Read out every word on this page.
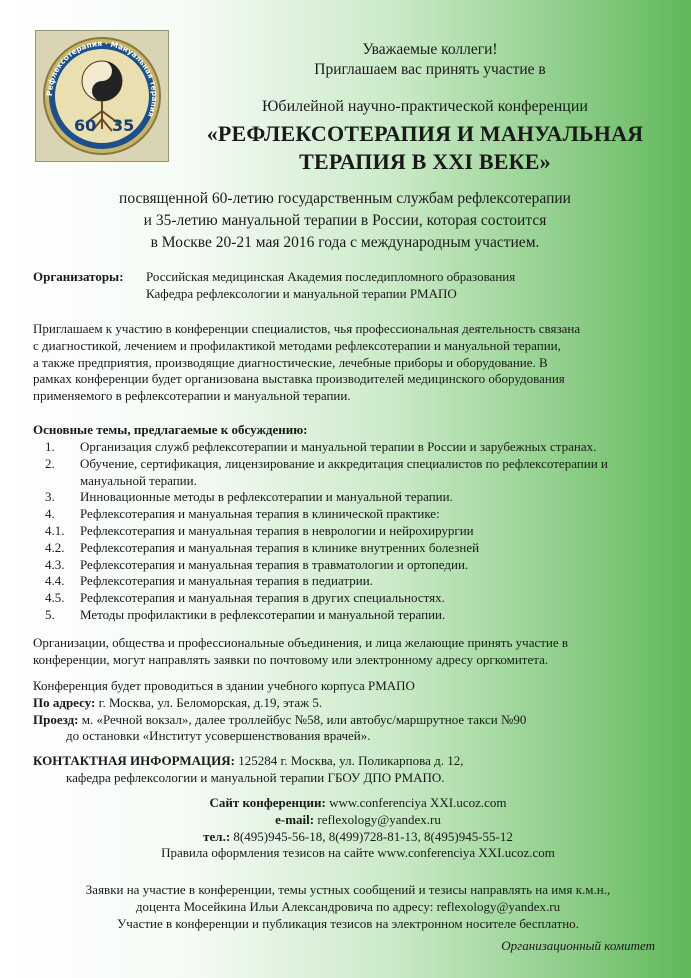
Рефлексотерапия · Мануальная терапия
60 35
Уважаемые коллеги!
Приглашаем вас принять участие в
Юбилейной научно-практической конференции
«РЕФЛЕКСОТЕРАПИЯ И МАНУАЛЬНАЯ
ТЕРАПИЯ В XXI ВЕКЕ»
посвященной 60-летию государственным службам рефлексотерапии
и 35-летию мануальной терапии в России, которая состоится
в Москве 20-21 мая 2016 года с международным участием.
Организаторы:	Российская медицинская Академия последипломного образования
Кафедра рефлексологии и мануальной терапии РМАПО
Приглашаем к участию в конференции специалистов, чья профессиональная деятельность связана
с диагностикой, лечением и профилактикой методами рефлексотерапии и мануальной терапии,
а также предприятия, производящие диагностические, лечебные приборы и оборудование. В
рамках конференции будет организована выставка производителей медицинского оборудования
применяемого в рефлексотерапии и мануальной терапии.
Основные темы, предлагаемые к обсуждению:
1.	Организация служб рефлексотерапии и мануальной терапии в России и зарубежных странах.
2.	Обучение, сертификация, лицензирование и аккредитация специалистов по рефлексотерапии и мануальной терапии.
3.	Инновационные методы в рефлексотерапии и мануальной терапии.
4.	Рефлексотерапия и мануальная терапия в клинической практике:
4.1.	Рефлексотерапия и мануальная терапия в неврологии и нейрохирургии
4.2.	Рефлексотерапия и мануальная терапия в клинике внутренних болезней
4.3.	Рефлексотерапия и мануальная терапия в травматологии и ортопедии.
4.4.	Рефлексотерапия и мануальная терапия в педиатрии.
4.5.	Рефлексотерапия и мануальная терапия в других специальностях.
5.	Методы профилактики в рефлексотерапии и мануальной терапии.
Организации, общества и профессиональные объединения, и лица желающие принять участие в
конференции, могут направлять заявки по почтовому или электронному адресу оргкомитета.
Конференция будет проводиться в здании учебного корпуса РМАПО
По адресу: г. Москва, ул. Беломорская, д.19, этаж 5.
Проезд: м. «Речной вокзал», далее троллейбус №58, или автобус/маршрутное такси №90
до остановки «Институт усовершенствования врачей».
КОНТАКТНАЯ ИНФОРМАЦИЯ: 125284 г. Москва, ул. Поликарпова д. 12,
кафедра рефлексологии и мануальной терапии ГБОУ ДПО РМАПО.
Сайт конференции: www.conferenciya XXI.ucoz.com
e-mail: reflexology@yandex.ru
тел.: 8(495)945-56-18, 8(499)728-81-13, 8(495)945-55-12
Правила оформления тезисов на сайте www.conferenciya XXI.ucoz.com
Заявки на участие в конференции, темы устных сообщений и тезисы направлять на имя к.м.н.,
доцента Мосейкина Ильи Александровича по адресу: reflexology@yandex.ru
Участие в конференции и публикация тезисов на электронном носителе бесплатно.
Организационный комитет
